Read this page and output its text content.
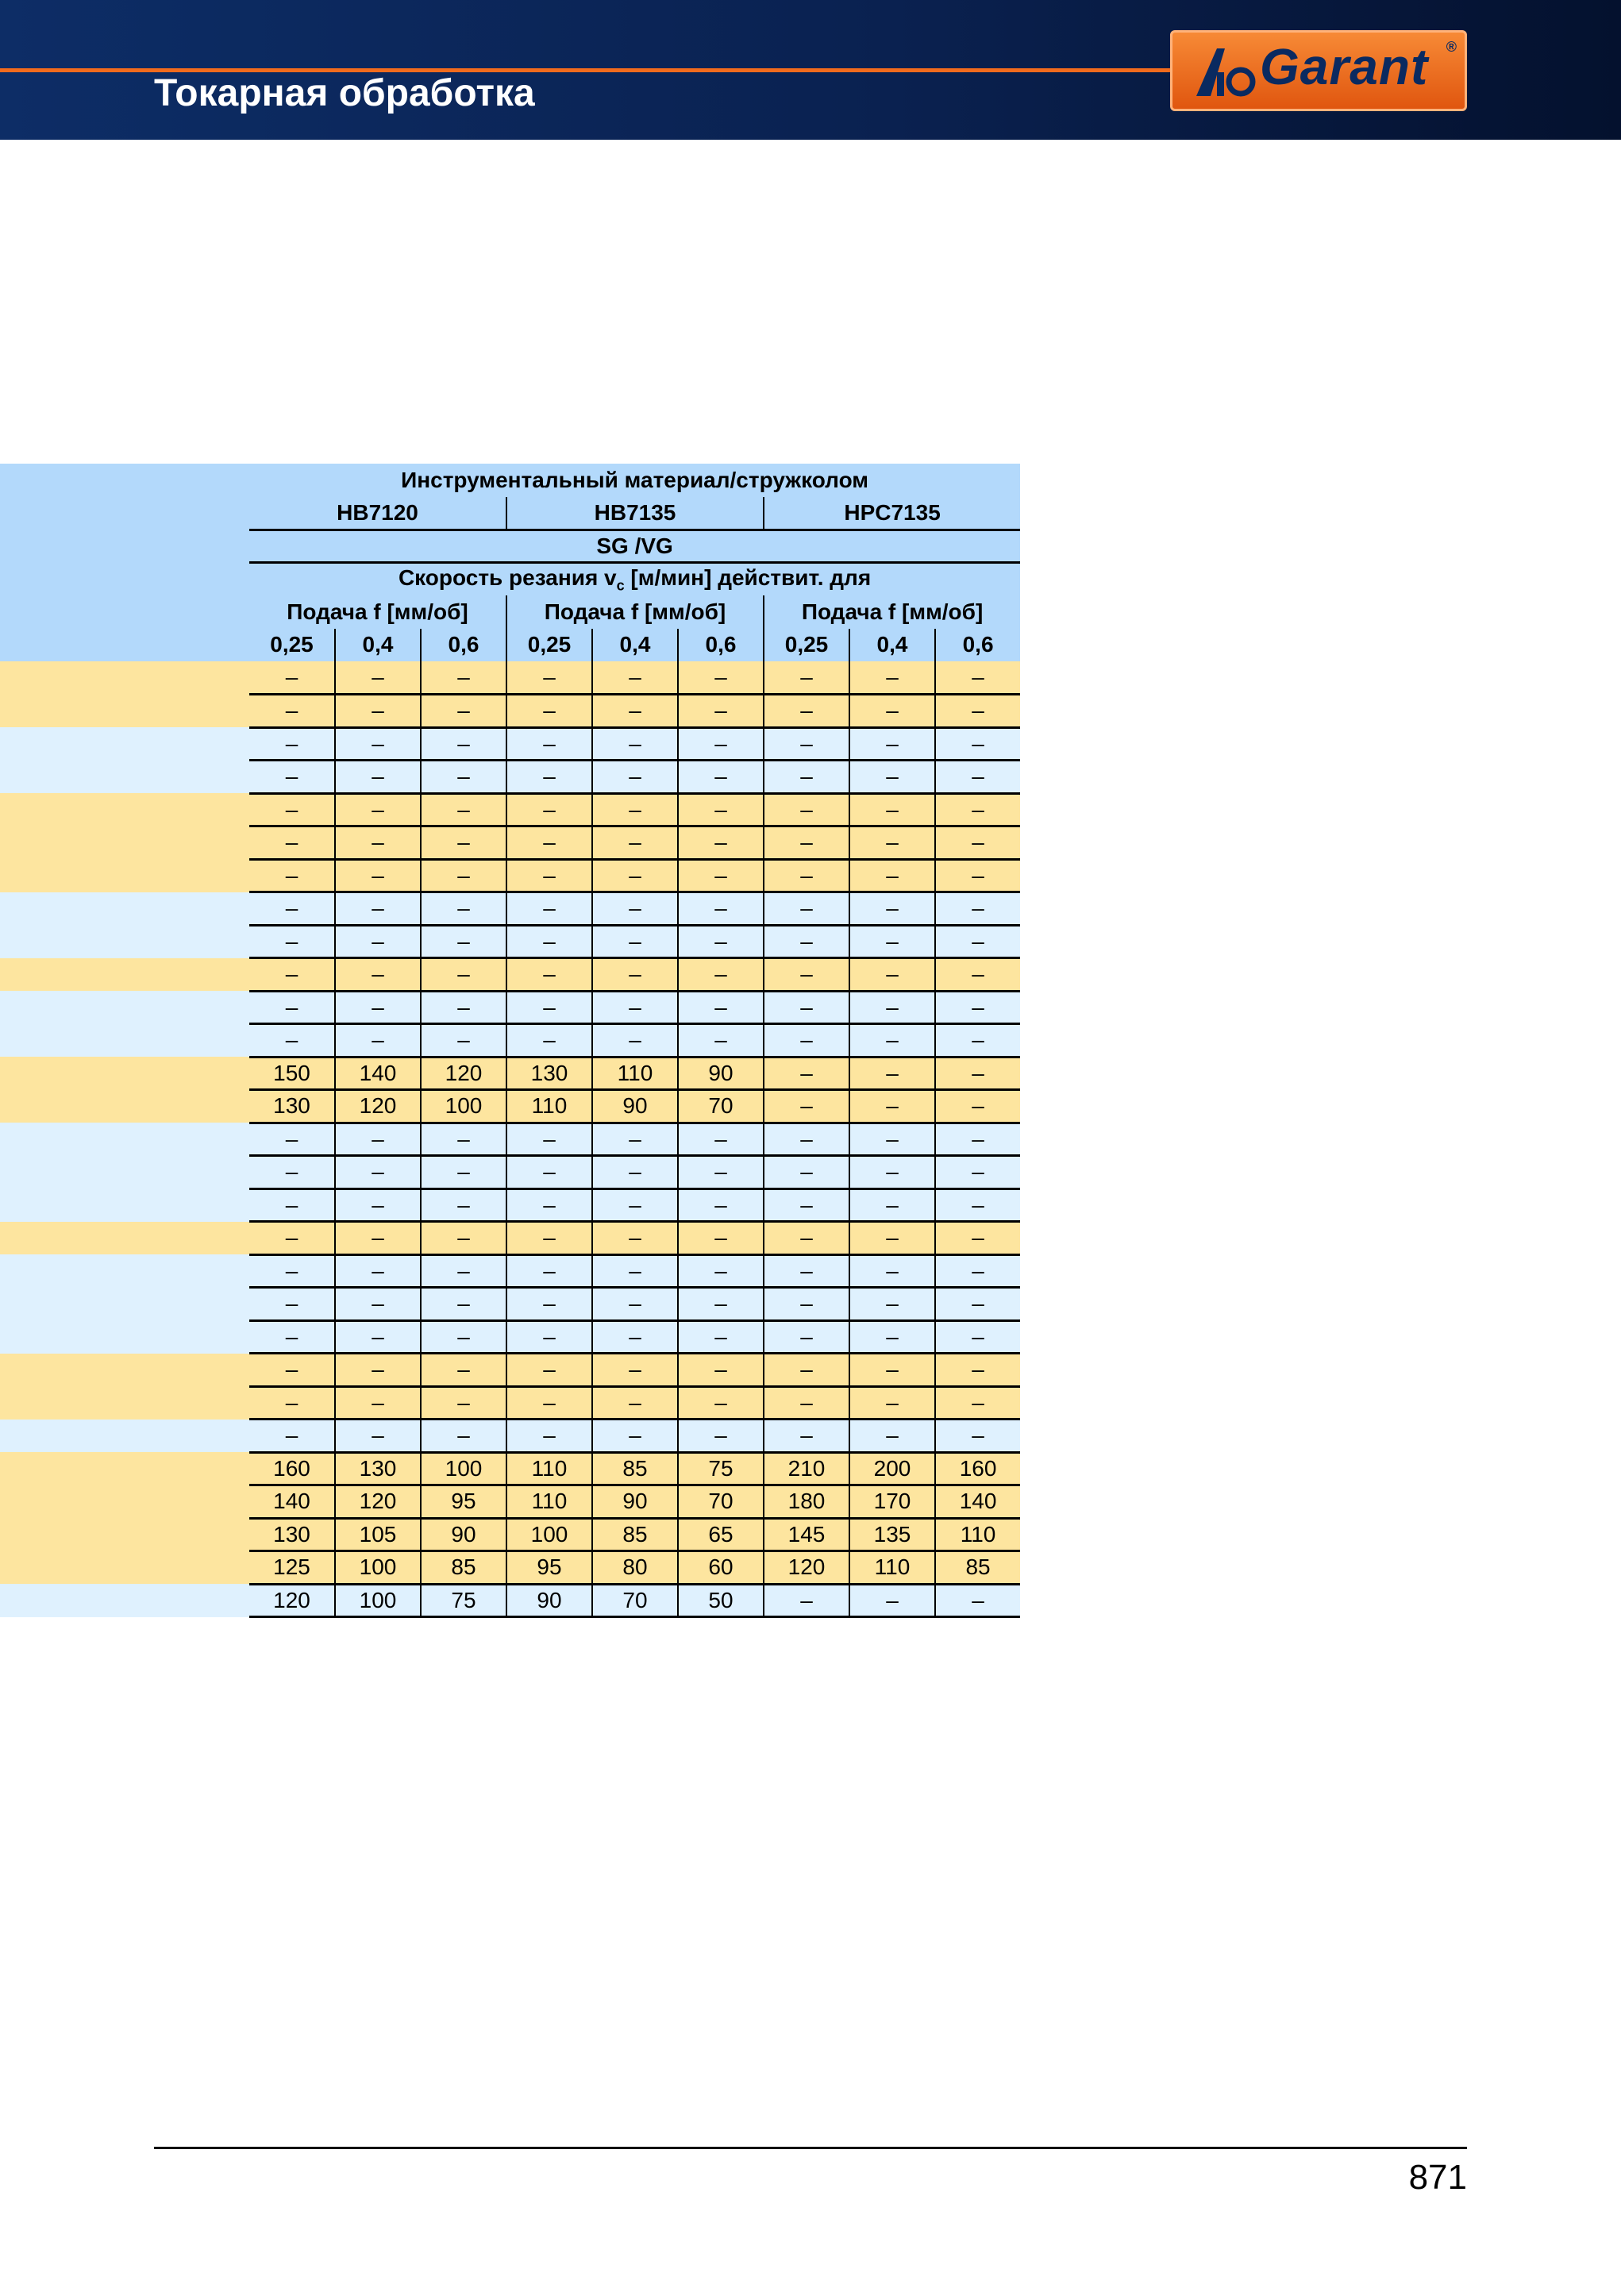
Токарная обработка	Garant ®
	Инструментальный материал/стружколом								
	HB7120			HB7135			HPC7135		
	SG /VG								
	Скорость резания $v_c$ [м/мин] действит. для								
	Подача f [мм/об]			Подача f [мм/об]			Подача f [мм/об]		
	0,25	0,4	0,6	0,25	0,4	0,6	0,25	0,4	0,6
	–	–	–	–	–	–	–	–	–
	–	–	–	–	–	–	–	–	–
	–	–	–	–	–	–	–	–	–
	–	–	–	–	–	–	–	–	–
	–	–	–	–	–	–	–	–	–
	–	–	–	–	–	–	–	–	–
	–	–	–	–	–	–	–	–	–
	–	–	–	–	–	–	–	–	–
	–	–	–	–	–	–	–	–	–
	–	–	–	–	–	–	–	–	–
	–	–	–	–	–	–	–	–	–
	–	–	–	–	–	–	–	–	–
	150	140	120	130	110	90	–	–	–
	130	120	100	110	90	70	–	–	–
	–	–	–	–	–	–	–	–	–
	–	–	–	–	–	–	–	–	–
	–	–	–	–	–	–	–	–	–
	–	–	–	–	–	–	–	–	–
	–	–	–	–	–	–	–	–	–
	–	–	–	–	–	–	–	–	–
	–	–	–	–	–	–	–	–	–
	–	–	–	–	–	–	–	–	–
	–	–	–	–	–	–	–	–	–
	–	–	–	–	–	–	–	–	–
	160	130	100	110	85	75	210	200	160
	140	120	95	110	90	70	180	170	140
	130	105	90	100	85	65	145	135	110
	125	100	85	95	80	60	120	110	85
	120	100	75	90	70	50	–	–	–
871
